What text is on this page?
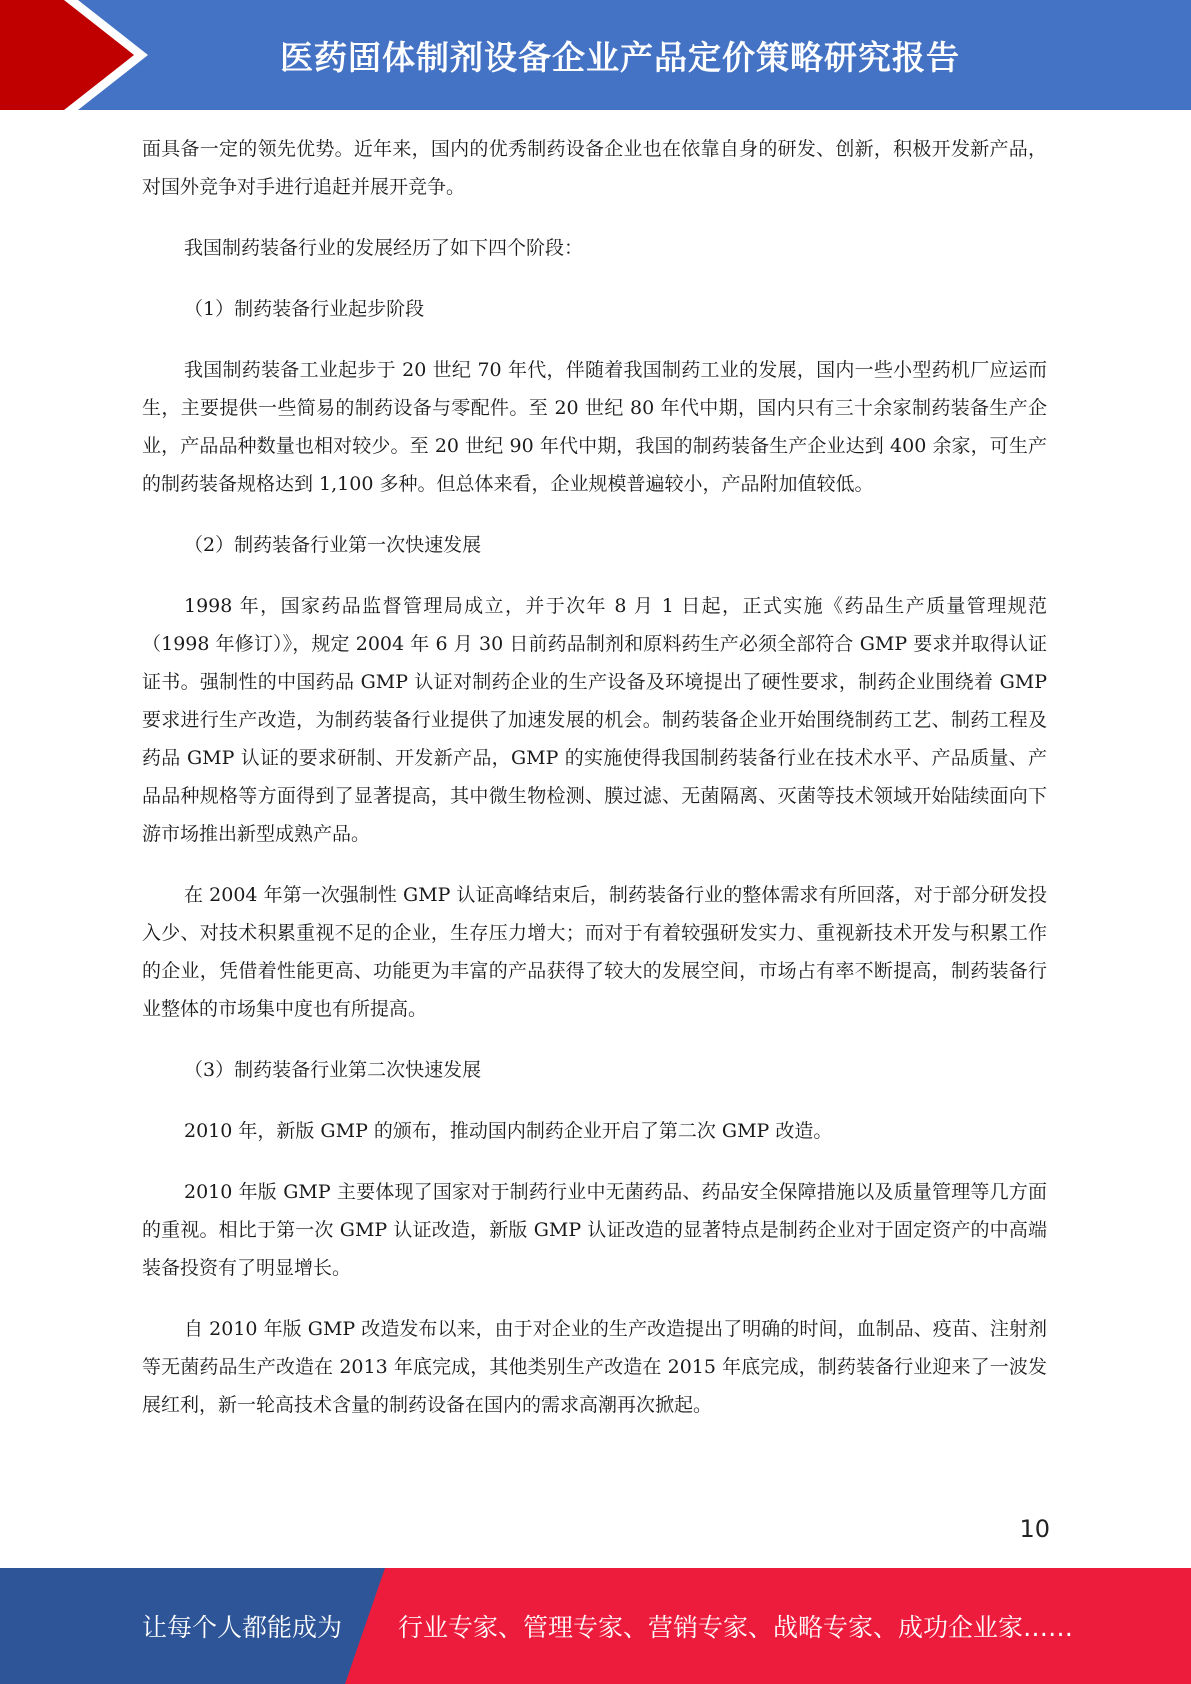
医药固体制剂设备企业产品定价策略研究报告

面具备一定的领先优势。近年来，国内的优秀制药设备企业也在依靠自身的研发、创新，积极开发新产品，对国外竞争对手进行追赶并展开竞争。

我国制药装备行业的发展经历了如下四个阶段：

（1）制药装备行业起步阶段

我国制药装备工业起步于 20 世纪 70 年代，伴随着我国制药工业的发展，国内一些小型药机厂应运而生，主要提供一些简易的制药设备与零配件。至 20 世纪 80 年代中期，国内只有三十余家制药装备生产企业，产品品种数量也相对较少。至 20 世纪 90 年代中期，我国的制药装备生产企业达到 400 余家，可生产的制药装备规格达到 1,100 多种。但总体来看，企业规模普遍较小，产品附加值较低。

（2）制药装备行业第一次快速发展

1998 年，国家药品监督管理局成立，并于次年 8 月 1 日起，正式实施《药品生产质量管理规范（1998 年修订）》，规定 2004 年 6 月 30 日前药品制剂和原料药生产必须全部符合 GMP 要求并取得认证证书。强制性的中国药品 GMP 认证对制药企业的生产设备及环境提出了硬性要求，制药企业围绕着 GMP 要求进行生产改造，为制药装备行业提供了加速发展的机会。制药装备企业开始围绕制药工艺、制药工程及药品 GMP 认证的要求研制、开发新产品，GMP 的实施使得我国制药装备行业在技术水平、产品质量、产品品种规格等方面得到了显著提高，其中微生物检测、膜过滤、无菌隔离、灭菌等技术领域开始陆续面向下游市场推出新型成熟产品。

在 2004 年第一次强制性 GMP 认证高峰结束后，制药装备行业的整体需求有所回落，对于部分研发投入少、对技术积累重视不足的企业，生存压力增大；而对于有着较强研发实力、重视新技术开发与积累工作的企业，凭借着性能更高、功能更为丰富的产品获得了较大的发展空间，市场占有率不断提高，制药装备行业整体的市场集中度也有所提高。

（3）制药装备行业第二次快速发展

2010 年，新版 GMP 的颁布，推动国内制药企业开启了第二次 GMP 改造。

2010 年版 GMP 主要体现了国家对于制药行业中无菌药品、药品安全保障措施以及质量管理等几方面的重视。相比于第一次 GMP 认证改造，新版 GMP 认证改造的显著特点是制药企业对于固定资产的中高端装备投资有了明显增长。

自 2010 年版 GMP 改造发布以来，由于对企业的生产改造提出了明确的时间，血制品、疫苗、注射剂等无菌药品生产改造在 2013 年底完成，其他类别生产改造在 2015 年底完成，制药装备行业迎来了一波发展红利，新一轮高技术含量的制药设备在国内的需求高潮再次掀起。

10
让每个人都能成为 行业专家、管理专家、营销专家、战略专家、成功企业家……
